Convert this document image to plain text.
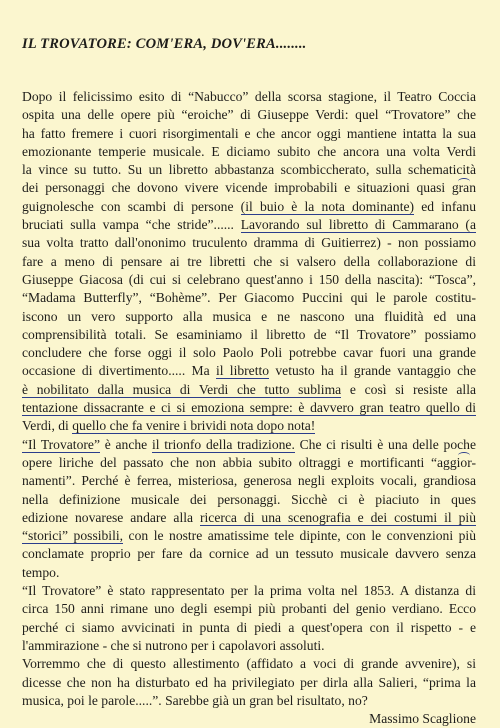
IL TROVATORE: COM'ERA, DOV'ERA........
Dopo il felicissimo esito di “Nabucco” della scorsa stagione, il Teatro Coccia
ospita una delle opere più “eroiche” di Giuseppe Verdi: quel “Trovatore” che
ha fatto fremere i cuori risorgimentali e che ancor oggi mantiene intatta la sua
emozionante temperie musicale. E diciamo subito che ancora una volta Verdi
la vince su tutto. Su un libretto abbastanza scombiccherato, sulla schematicità
dei personaggi che dovono vivere vicende improbabili e situazioni quasi gran
guignolesche con scambi di persone (il buio è la nota dominante) ed infanu
bruciati sulla vampa “che stride”...... Lavorando sul libretto di Cammarano (a
sua volta tratto dall'ononimo truculento dramma di Guitierrez) - non possiamo
fare a meno di pensare ai tre libretti che si valsero della collaborazione di
Giuseppe Giacosa (di cui si celebrano quest'anno i 150 della nascita): “Tosca”,
“Madama Butterfly”, “Bohème”. Per Giacomo Puccini qui le parole costitu-
iscono un vero supporto alla musica e ne nascono una fluidità ed una
comprensibilità totali. Se esaminiamo il libretto de “Il Trovatore” possiamo
concludere che forse oggi il solo Paolo Poli potrebbe cavar fuori una grande
occasione di divertimento..... Ma il libretto vetusto ha il grande vantaggio che
è nobilitato dalla musica di Verdi che tutto sublima e così si resiste alla
tentazione dissacrante e ci si emoziona sempre: è davvero gran teatro quello di
Verdi, di quello che fa venire i brividi nota dopo nota!
“Il Trovatore” è anche il trionfo della tradizione. Che ci risulti è una delle poche
opere liriche del passato che non abbia subito oltraggi e mortificanti “aggior-
namenti”. Perché è ferrea, misteriosa, generosa negli exploits vocali, grandiosa
nella definizione musicale dei personaggi. Sicchè ci è piaciuto in ques
edizione novarese andare alla ricerca di una scenografia e dei costumi il più
“storici” possibili, con le nostre amatissime tele dipinte, con le convenzioni più
conclamate proprio per fare da cornice ad un tessuto musicale davvero senza
tempo.
“Il Trovatore” è stato rappresentato per la prima volta nel 1853. A distanza di
circa 150 anni rimane uno degli esempi più probanti del genio verdiano. Ecco
perché ci siamo avvicinati in punta di piedi a quest'opera con il rispetto - e
l'ammirazione - che si nutrono per i capolavori assoluti.
Vorremmo che di questo allestimento (affidato a voci di grande avvenire), si
dicesse che non ha disturbato ed ha privilegiato per dirla alla Salieri, “prima la
musica, poi le parole.....”. Sarebbe già un gran bel risultato, no?
Massimo Scaglione
